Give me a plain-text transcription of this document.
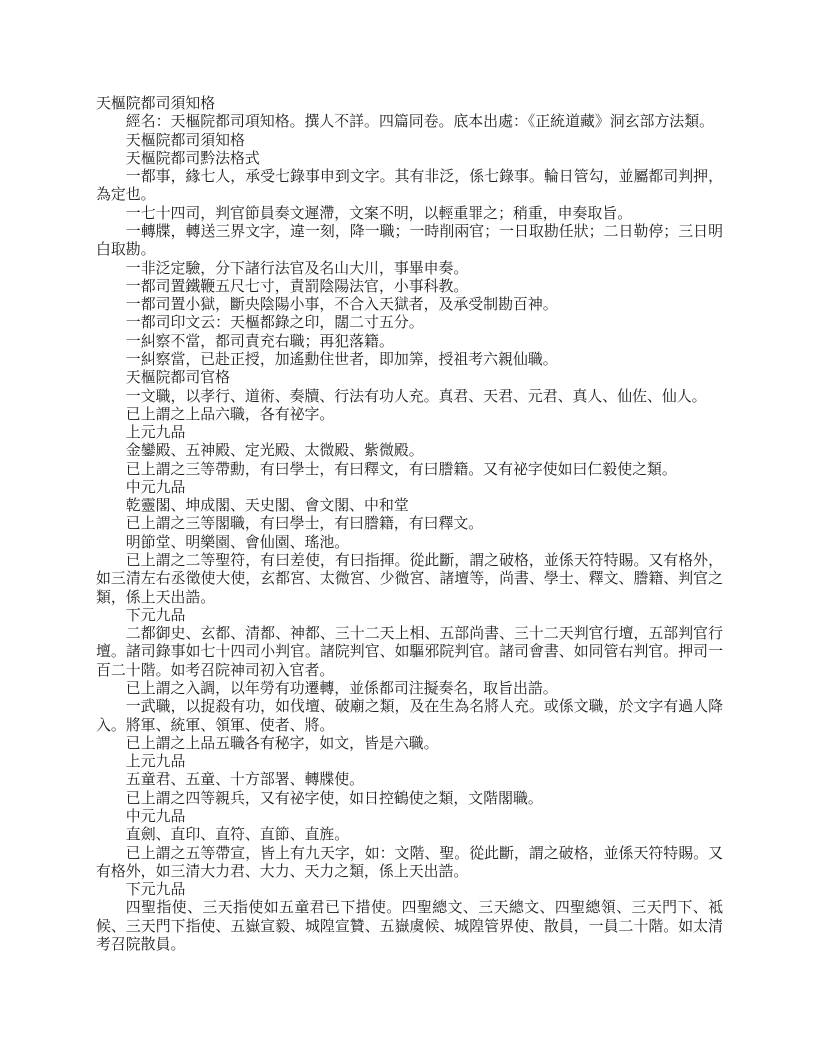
天樞院都司須知格

經名：天樞院都司項知格。撰人不詳。四篇同卷。底本出處：《正統道藏》洞玄部方法類。

天樞院都司須知格

天樞院都司黔法格式

一都事，緣七人，承受七錄事申到文字。其有非泛，係七錄事。輪日管勾，並屬都司判押，為定也。

一七十四司，判官節員奏文遲滯，文案不明，以輕重罪之；稍重，申奏取旨。

一轉牒，轉送三界文字，違一刻，降一職；一時削兩官；一日取勘任狀；二日勒停；三日明白取勘。

一非泛定驗，分下諸行法官及名山大川，事畢申奏。

一都司置鐵鞭五尺七寸，責罰陰陽法官，小事科教。

一都司置小獄，斷央陰陽小事，不合入天獄者，及承受制勘百神。

一都司印文云：天樞都錄之印，闊二寸五分。

一糾察不當，都司責充右職；再犯落籍。

一糾察當，已赴正授，加遙勳住世者，即加筭，授祖考六親仙職。

天樞院都司官格

一文職，以孝行、道術、奏牘、行法有功人充。真君、天君、元君、真人、仙佐、仙人。

已上謂之上品六職，各有祕字。

上元九品

金鑾殿、五神殿、定光殿、太微殿、紫微殿。

已上謂之三等帶勳，有曰學士，有曰釋文，有曰謄籍。又有祕字使如曰仁毅使之類。

中元九品

乾靈閣、坤成閣、天史閣、會文閣、中和堂

已上謂之三等閣職，有曰學士，有曰謄籍，有曰釋文。

明節堂、明樂園、會仙園、瑤池。

已上謂之二等聖符，有曰差使，有曰指揮。從此斷，謂之破格，並係天符特賜。又有格外，如三清左右丞徵使大使，玄都宮、太微宮、少微宮、諸壇等，尚書、學士、釋文、謄籍、判官之類，係上天出誥。

下元九品

二都御史、玄都、清都、神都、三十二天上相、五部尚書、三十二天判官行壇，五部判官行壇。諸司錄事如七十四司小判官。諸院判官、如驅邪院判官。諸司會書、如同管右判官。押司一百二十階。如考召院神司初入官者。

已上謂之入調，以年勞有功遷轉，並係都司注擬奏名，取旨出誥。

一武職，以捉殺有功，如伐壇、破廟之類，及在生為名將人充。或係文職，於文字有過人降入。將軍、統軍、領軍、使者、將。

已上謂之上品五職各有秘字，如文，皆是六職。

上元九品

五童君、五童、十方部署、轉牒使。

已上謂之四等親兵，又有祕字使，如日控鶴使之類，文階閣職。

中元九品

直劍、直印、直符、直節、直旌。

已上謂之五等帶宣，皆上有九天字，如：文階、聖。從此斷，謂之破格，並係天符特賜。又有格外，如三清大力君、大力、天力之類，係上天出誥。

下元九品

四聖指使、三天指使如五童君已下措使。四聖總文、三天總文、四聖總領、三天門下、祗候、三天門下指使、五嶽宣毅、城隍宣贊、五嶽虞候、城隍管界使、散員，一員二十階。如太清考召院散員。
